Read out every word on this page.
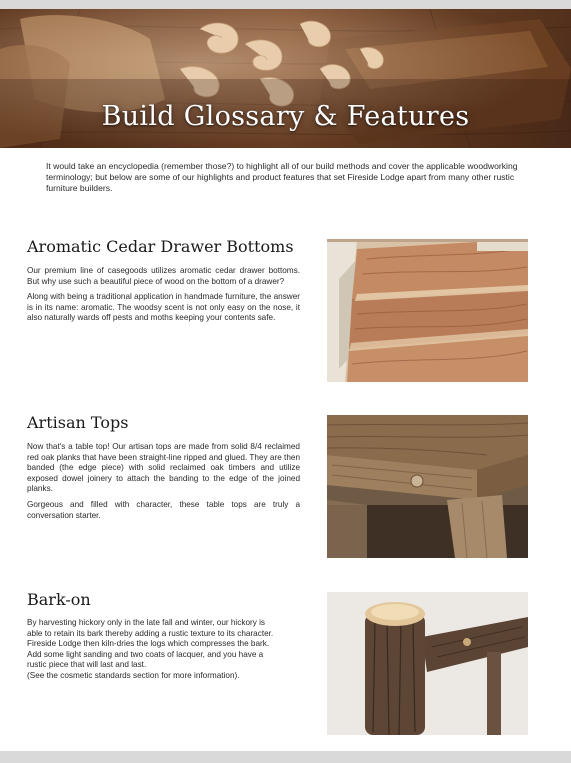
Build Glossary & Features

It would take an encyclopedia (remember those?) to highlight all of our build methods and cover the applicable woodworking terminology; but below are some of our highlights and product features that set Fireside Lodge apart from many other rustic furniture builders.

Aromatic Cedar Drawer Bottoms

Our premium line of casegoods utilizes aromatic cedar drawer bottoms. But why use such a beautiful piece of wood on the bottom of a drawer?

Along with being a traditional application in handmade furniture, the answer is in its name: aromatic. The woodsy scent is not only easy on the nose, it also naturally wards off pests and moths keeping your contents safe.

Artisan Tops

Now that's a table top! Our artisan tops are made from solid 8/4 reclaimed red oak planks that have been straight-line ripped and glued. They are then banded (the edge piece) with solid reclaimed oak timbers and utilize exposed dowel joinery to attach the banding to the edge of the joined planks.

Gorgeous and filled with character, these table tops are truly a conversation starter.

Bark-on
By harvesting hickory only in the late fall and winter, our hickory is
able to retain its bark thereby adding a rustic texture to its character.
Fireside Lodge then kiln-dries the logs which compresses the bark.
Add some light sanding and two coats of lacquer, and you have a
rustic piece that will last and last.
(See the cosmetic standards section for more information).
